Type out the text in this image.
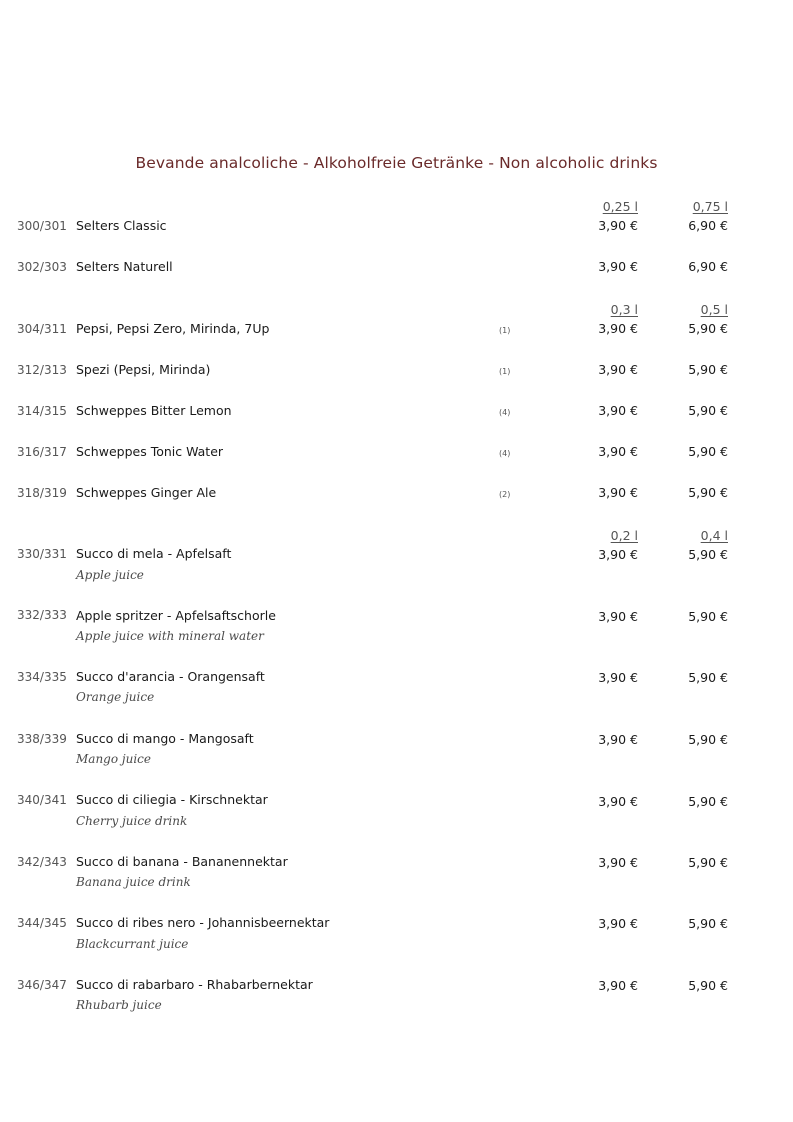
Bevande analcoliche - Alkoholfreie Getränke - Non alcoholic drinks
0,25 l	0,75 l
300/301 Selters Classic	3,90 €	6,90 €
302/303 Selters Naturell	3,90 €	6,90 €
0,3 l	0,5 l
304/311 Pepsi, Pepsi Zero, Mirinda, 7Up	(1)	3,90 €	5,90 €
312/313 Spezi (Pepsi, Mirinda)	(1)	3,90 €	5,90 €
314/315 Schweppes Bitter Lemon	(4)	3,90 €	5,90 €
316/317 Schweppes Tonic Water	(4)	3,90 €	5,90 €
318/319 Schweppes Ginger Ale	(2)	3,90 €	5,90 €
0,2 l	0,4 l
330/331 Succo di mela - Apfelsaft
Apple juice
3,90 €	5,90 €
332/333 Apple spritzer - Apfelsaftschorle
Apple juice with mineral water
3,90 €	5,90 €
334/335 Succo d'arancia - Orangensaft
Orange juice
3,90 €	5,90 €
338/339 Succo di mango - Mangosaft
Mango juice
3,90 €	5,90 €
340/341 Succo di ciliegia - Kirschnektar
Cherry juice drink
3,90 €	5,90 €
342/343 Succo di banana - Bananennektar
Banana juice drink
3,90 €	5,90 €
344/345 Succo di ribes nero - Johannisbeernektar
Blackcurrant juice
3,90 €	5,90 €
346/347 Succo di rabarbaro - Rhabarbernektar
Rhubarb juice
3,90 €	5,90 €
